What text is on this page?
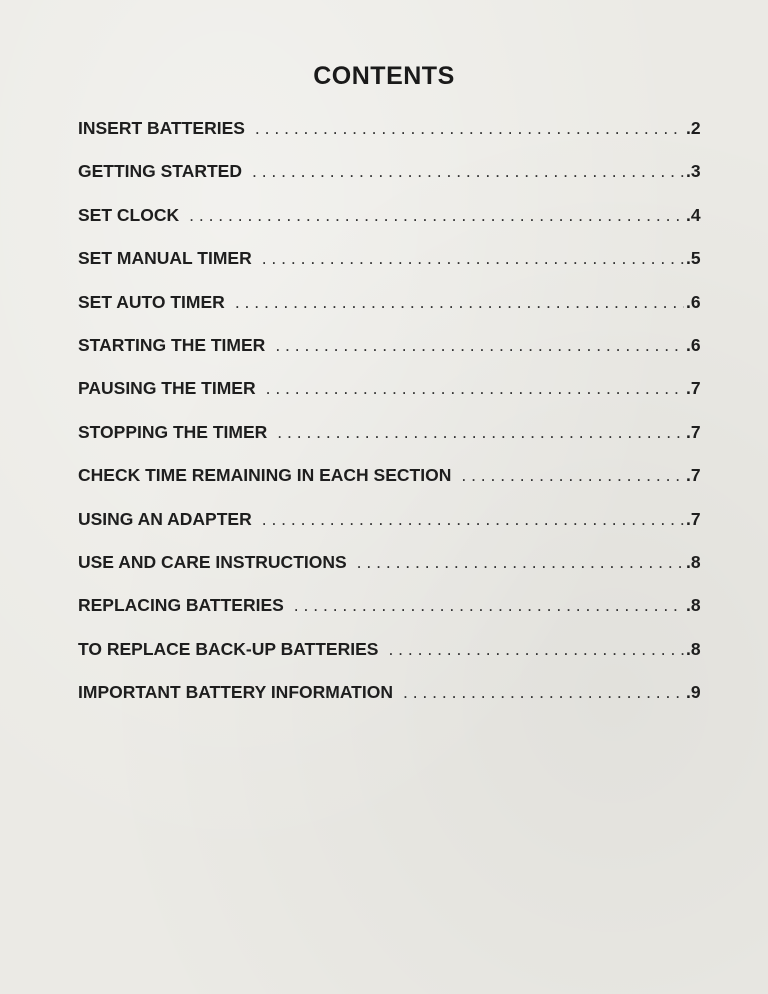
CONTENTS
INSERT BATTERIES . . .	.2
GETTING STARTED . . .	.3
SET CLOCK . . .	.4
SET MANUAL TIMER . . .	.5
SET AUTO TIMER . . .	.6
STARTING THE TIMER . . .	.6
PAUSING THE TIMER . . .	.7
STOPPING THE TIMER . . .	.7
CHECK TIME REMAINING IN EACH SECTION . . .	.7
USING AN ADAPTER . . .	.7
USE AND CARE INSTRUCTIONS . . .	.8
REPLACING BATTERIES . . .	.8
TO REPLACE BACK-UP BATTERIES . . .	.8
IMPORTANT BATTERY INFORMATION . . .	.9
